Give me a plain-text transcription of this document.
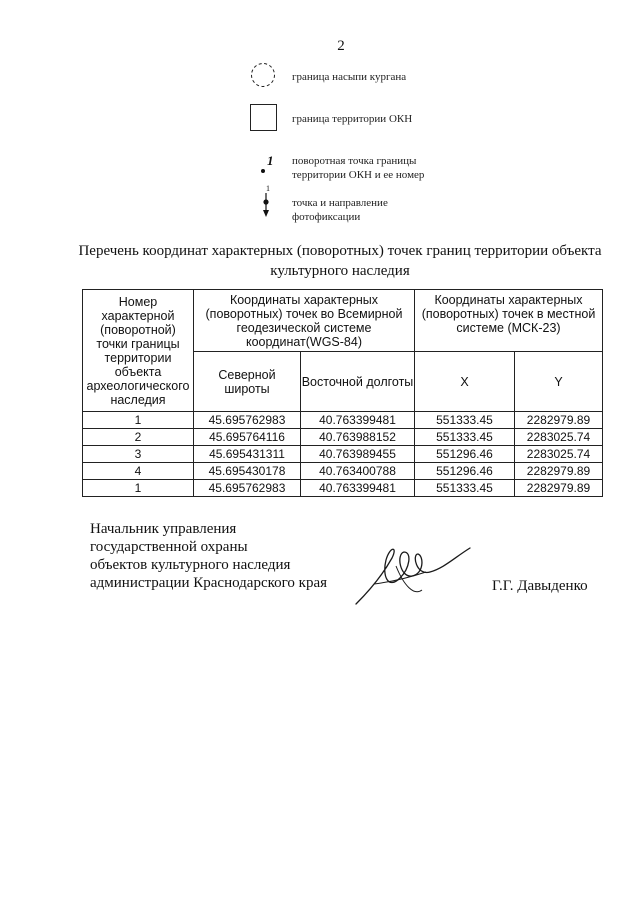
2
граница насыпи кургана
граница территории ОКН
1 поворотная точка границы территории ОКН и ее номер
1
точка и направление фотофиксации
Перечень координат характерных (поворотных) точек границ территории объекта культурного наследия
Номер характерной (поворотной) точки границы территории объекта археологического наследия	Координаты характерных (поворотных) точек во Всемирной геодезической системе координат(WGS-84)		Координаты характерных (поворотных) точек в местной системе (МСК-23)	
	Северной широты	Восточной долготы	X	Y
1	45.695762983	40.763399481	551333.45	2282979.89
2	45.695764116	40.763988152	551333.45	2283025.74
3	45.695431311	40.763989455	551296.46	2283025.74
4	45.695430178	40.763400788	551296.46	2282979.89
1	45.695762983	40.763399481	551333.45	2282979.89
Начальник управления
государственной охраны
объектов культурного наследия
администрации Краснодарского края	Г.Г. Давыденко
